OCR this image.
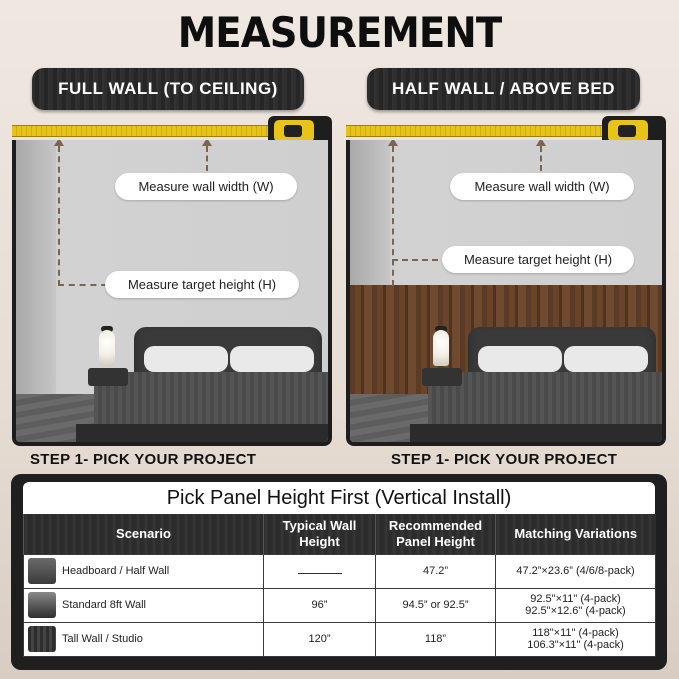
MEASUREMENT
FULL WALL (TO CEILING)	HALF WALL / ABOVE BED
Measure wall width (W)
Measure target height (H)
Measure wall width (W)
Measure target height (H)
STEP 1- PICK YOUR PROJECT	STEP 1- PICK YOUR PROJECT
Pick Panel Height First (Vertical Install)
Scenario	Typical Wall Height	Recommended Panel Height	Matching Variations
Headboard / Half Wall		47.2”	47.2”×23.6” (4/6/8-pack)

Standard 8ft Wall	96”	94.5” or 92.5”	92.5"×11" (4-pack)
92.5"×12.6" (4-pack)

Tall Wall / Studio	120”	118”	118"×11" (4-pack)
106.3"×11" (4-pack)
